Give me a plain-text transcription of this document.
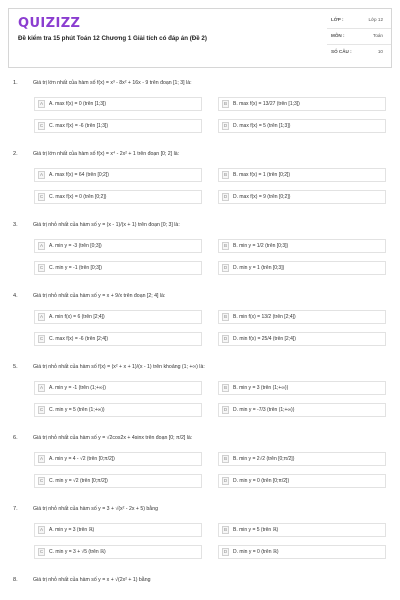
QUIZIZZ
Đề kiểm tra 15 phút Toán 12 Chương 1 Giải tích có đáp án (Đề 2)
LỚP :	Lớp 12
MÔN :	Toán
SỐ CÂU :	10
1.	Giá trị lớn nhất của hàm số f(x) = x³ - 8x² + 16x - 9 trên đoạn [1; 3] là:
A	A. max f(x) = 0 (trên [1;3])	B	B. max f(x) = 13/27 (trên [1;3])
C	C. max f(x) = -6 (trên [1;3])	D	D. max f(x) = 5 (trên [1;3])
2.	Giá trị lớn nhất của hàm số f(x) = x⁴ - 2x² + 1 trên đoạn [0; 2] là:
A	A. max f(x) = 64 (trên [0;2])	B	B. max f(x) = 1 (trên [0;2])
C	C. max f(x) = 0 (trên [0;2])	D	D. max f(x) = 9 (trên [0;2])
3.	Giá trị nhỏ nhất của hàm số y = (x - 1)/(x + 1) trên đoạn [0; 3] là:
A	A. min y = -3 (trên [0;3])	B	B. min y = 1/2 (trên [0;3])
C	C. min y = -1 (trên [0;3])	D	D. min y = 1 (trên [0;3])
4.	Giá trị nhỏ nhất của hàm số y = x + 9/x trên đoạn [2; 4] là:
A	A. min f(x) = 6 (trên [2;4])	B	B. min f(x) = 13/2 (trên [2;4])
C	C. max f(x) = -6 (trên [2;4])	D	D. min f(x) = 25/4 (trên [2;4])
5.	Giá trị nhỏ nhất của hàm số f(x) = (x² + x + 1)/(x - 1) trên khoảng (1; +∞) là:
A	A. min y = -1 (trên (1;+∞))	B	B. min y = 3 (trên (1;+∞))
C	C. min y = 5 (trên (1;+∞))	D	D. min y = -7/3 (trên (1;+∞))
6.	Giá trị nhỏ nhất của hàm số y = √2cos2x + 4sinx trên đoạn [0; π/2] là:
A	A. min y = 4 - √2 (trên [0;π/2])	B	B. min y = 2√2 (trên [0;π/2])
C	C. min y = √2 (trên [0;π/2])	D	D. min y = 0 (trên [0;π/2])
7.	Giá trị nhỏ nhất của hàm số y = 3 + √(x² - 2x + 5) bằng
A	A. min y = 3 (trên ℝ)	B	B. min y = 5 (trên ℝ)
C	C. min y = 3 + √5 (trên ℝ)	D	D. min y = 0 (trên ℝ)
8.	Giá trị nhỏ nhất của hàm số y = x + √(2x² + 1) bằng
